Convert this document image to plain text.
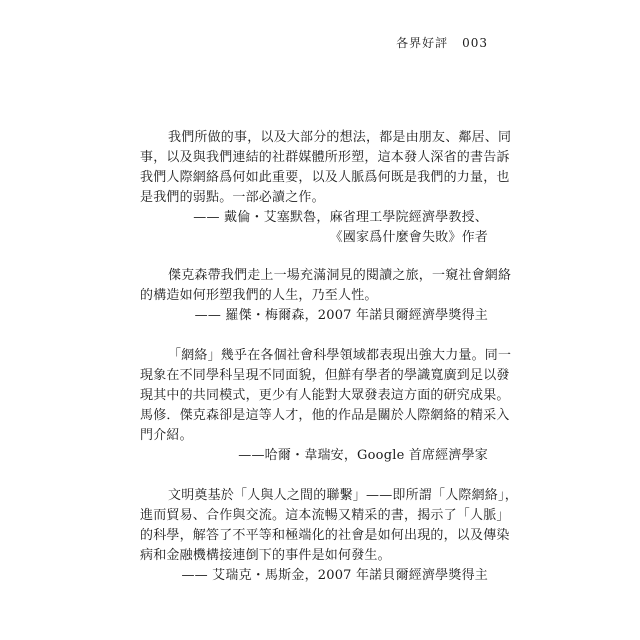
各界好評 003
我們所做的事，以及大部分的想法，都是由朋友、鄰居、同
事，以及與我們連結的社群媒體所形塑，這本發人深省的書告訴
我們人際網絡爲何如此重要，以及人脈爲何既是我們的力量，也
是我們的弱點。一部必讀之作。
—— 戴倫・艾塞默魯，麻省理工學院經濟學教授、
《國家爲什麼會失敗》作者
傑克森帶我們走上一場充滿洞見的閱讀之旅，一窺社會網絡
的構造如何形塑我們的人生，乃至人性。
—— 羅傑・梅爾森，2007 年諾貝爾經濟學獎得主
「網絡」幾乎在各個社會科學領域都表現出強大力量。同一
現象在不同學科呈現不同面貌，但鮮有學者的學識寬廣到足以發
現其中的共同模式，更少有人能對大眾發表這方面的研究成果。
馬修．傑克森卻是這等人才，他的作品是關於人際網絡的精采入
門介紹。
——哈爾・韋瑞安，Google 首席經濟學家
文明奠基於「人與人之間的聯繫」——即所謂「人際網絡」，
進而貿易、合作與交流。這本流暢又精采的書，揭示了「人脈」
的科學，解答了不平等和極端化的社會是如何出現的，以及傳染
病和金融機構接連倒下的事件是如何發生。
—— 艾瑞克・馬斯金，2007 年諾貝爾經濟學獎得主
